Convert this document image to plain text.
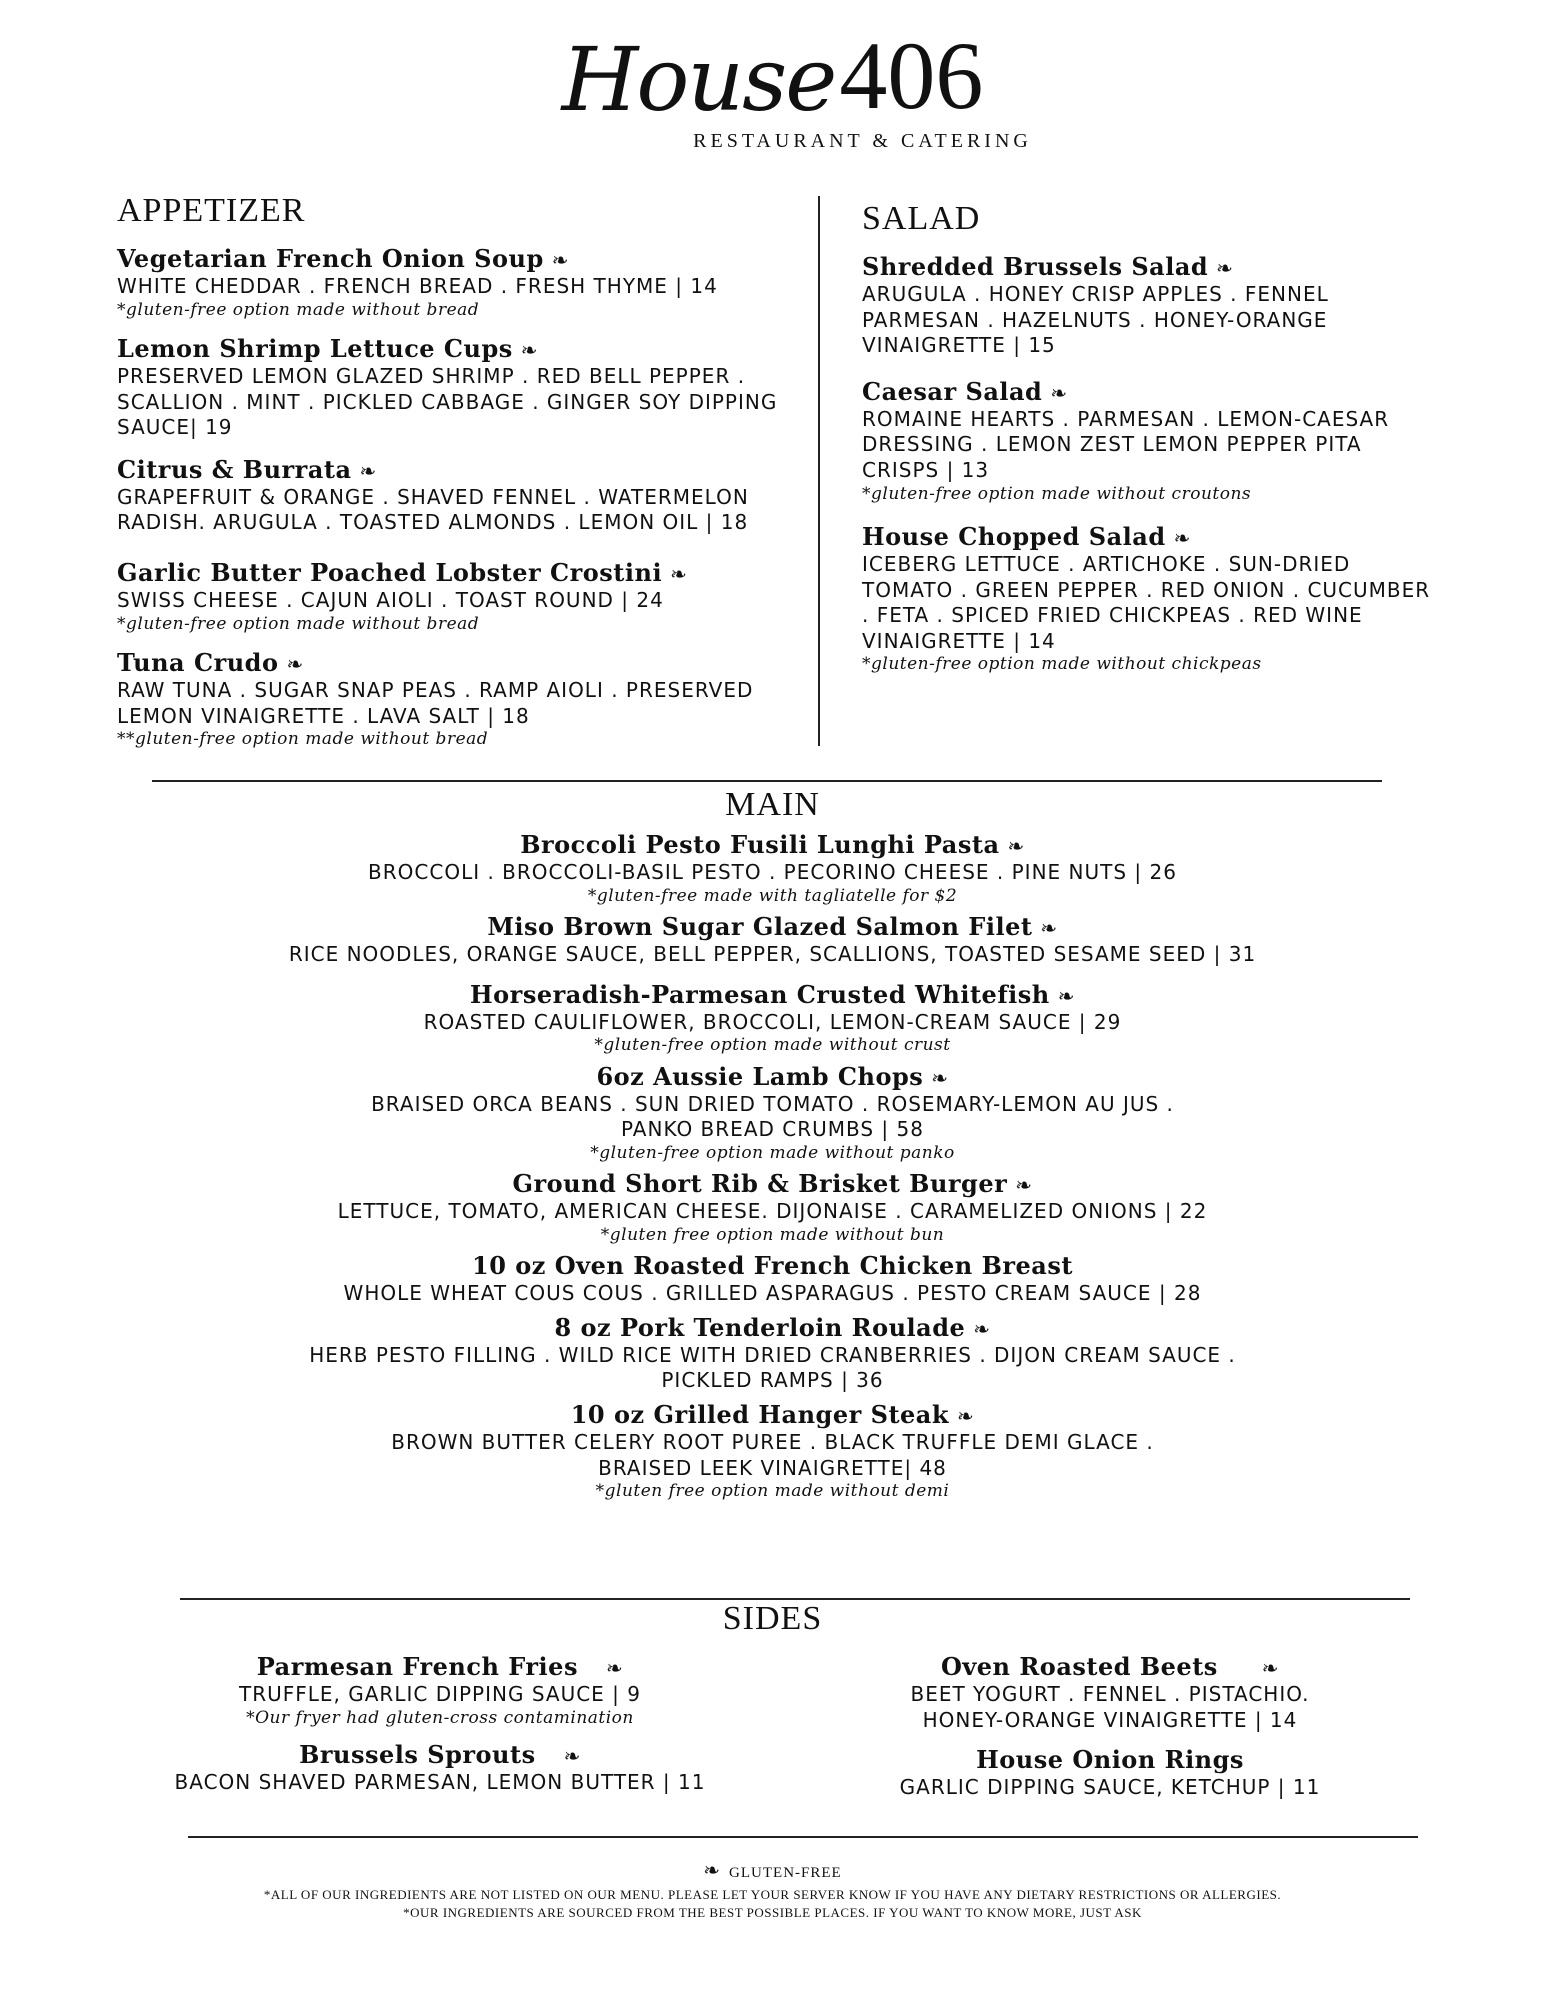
House 406
RESTAURANT & CATERING
APPETIZER
Vegetarian French Onion Soup ❧
WHITE CHEDDAR . FRENCH BREAD . FRESH THYME | 14
*gluten-free option made without bread
Lemon Shrimp Lettuce Cups ❧
PRESERVED LEMON GLAZED SHRIMP . RED BELL PEPPER . SCALLION . MINT . PICKLED CABBAGE . GINGER SOY DIPPING SAUCE| 19
Citrus & Burrata ❧
GRAPEFRUIT & ORANGE . SHAVED FENNEL . WATERMELON RADISH. ARUGULA . TOASTED ALMONDS . LEMON OIL | 18
Garlic Butter Poached Lobster Crostini ❧
SWISS CHEESE . CAJUN AIOLI . TOAST ROUND | 24
*gluten-free option made without bread
Tuna Crudo ❧
RAW TUNA . SUGAR SNAP PEAS . RAMP AIOLI . PRESERVED LEMON VINAIGRETTE . LAVA SALT | 18
**gluten-free option made without bread
SALAD
Shredded Brussels Salad ❧
ARUGULA . HONEY CRISP APPLES . FENNEL PARMESAN . HAZELNUTS . HONEY-ORANGE VINAIGRETTE | 15
Caesar Salad ❧
ROMAINE HEARTS . PARMESAN . LEMON-CAESAR DRESSING . LEMON ZEST LEMON PEPPER PITA CRISPS | 13
*gluten-free option made without croutons
House Chopped Salad ❧
ICEBERG LETTUCE . ARTICHOKE . SUN-DRIED TOMATO . GREEN PEPPER . RED ONION . CUCUMBER . FETA . SPICED FRIED CHICKPEAS . RED WINE VINAIGRETTE | 14
*gluten-free option made without chickpeas
MAIN
Broccoli Pesto Fusili Lunghi Pasta ❧
BROCCOLI . BROCCOLI-BASIL PESTO . PECORINO CHEESE . PINE NUTS | 26
*gluten-free made with tagliatelle for $2
Miso Brown Sugar Glazed Salmon Filet ❧
RICE NOODLES, ORANGE SAUCE, BELL PEPPER, SCALLIONS, TOASTED SESAME SEED | 31
Horseradish-Parmesan Crusted Whitefish ❧
ROASTED CAULIFLOWER, BROCCOLI, LEMON-CREAM SAUCE | 29
*gluten-free option made without crust
6oz Aussie Lamb Chops ❧
BRAISED ORCA BEANS . SUN DRIED TOMATO . ROSEMARY-LEMON AU JUS .
PANKO BREAD CRUMBS | 58
*gluten-free option made without panko
Ground Short Rib & Brisket Burger ❧
LETTUCE, TOMATO, AMERICAN CHEESE. DIJONAISE . CARAMELIZED ONIONS | 22
*gluten free option made without bun
10 oz Oven Roasted French Chicken Breast
WHOLE WHEAT COUS COUS . GRILLED ASPARAGUS . PESTO CREAM SAUCE | 28
8 oz Pork Tenderloin Roulade ❧
HERB PESTO FILLING . WILD RICE WITH DRIED CRANBERRIES . DIJON CREAM SAUCE .
PICKLED RAMPS | 36
10 oz Grilled Hanger Steak ❧
BROWN BUTTER CELERY ROOT PUREE . BLACK TRUFFLE DEMI GLACE .
BRAISED LEEK VINAIGRETTE| 48
*gluten free option made without demi
SIDES
Parmesan French Fries ❧
TRUFFLE, GARLIC DIPPING SAUCE | 9
*Our fryer had gluten-cross contamination
Brussels Sprouts ❧
BACON SHAVED PARMESAN, LEMON BUTTER | 11
Oven Roasted Beets ❧
BEET YOGURT . FENNEL . PISTACHIO.
HONEY-ORANGE VINAIGRETTE | 14
House Onion Rings
GARLIC DIPPING SAUCE, KETCHUP | 11
❧ GLUTEN-FREE
*ALL OF OUR INGREDIENTS ARE NOT LISTED ON OUR MENU. PLEASE LET YOUR SERVER KNOW IF YOU HAVE ANY DIETARY RESTRICTIONS OR ALLERGIES.
*OUR INGREDIENTS ARE SOURCED FROM THE BEST POSSIBLE PLACES. IF YOU WANT TO KNOW MORE, JUST ASK
